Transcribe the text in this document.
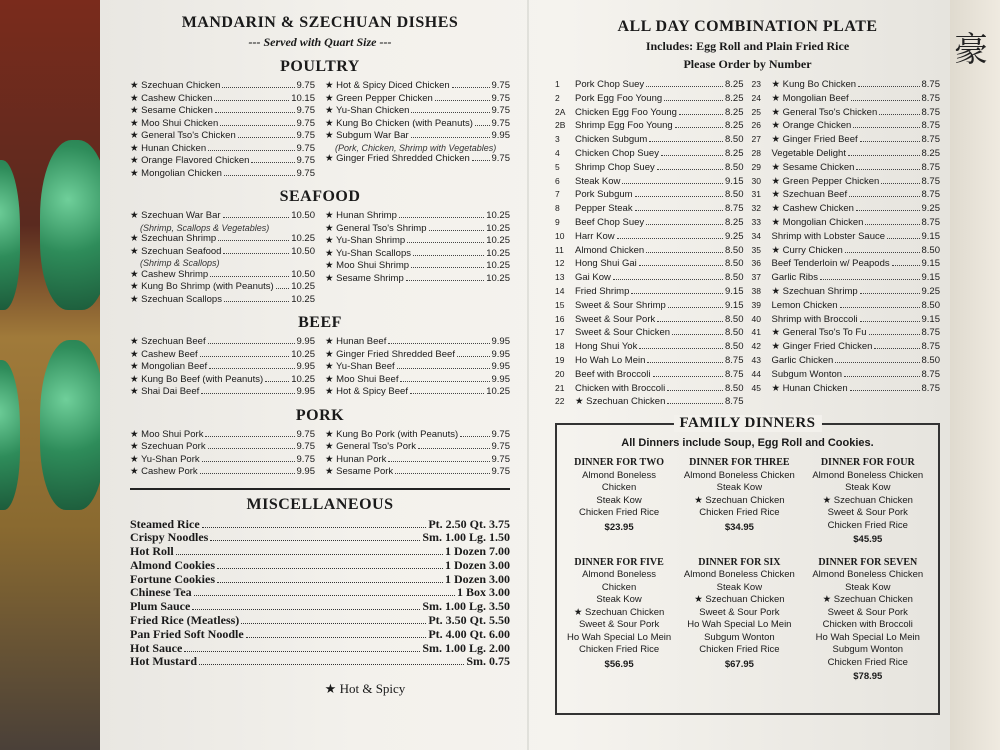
豪
MANDARIN & SZECHUAN DISHES
--- Served with Quart Size ---
POULTRY
★ Szechuan Chicken	9.75
★ Cashew Chicken	10.15
★ Sesame Chicken	9.75
★ Moo Shui Chicken	9.75
★ General Tso's Chicken	9.75
★ Hunan Chicken	9.75
★ Orange Flavored Chicken	9.75
★ Mongolian Chicken	9.75
★ Hot & Spicy Diced Chicken	9.75
★ Green Pepper Chicken	9.75
★ Yu-Shan Chicken	9.75
★ Kung Bo Chicken (with Peanuts) 9.75
★ Subgum War Bar	9.95
(Pork, Chicken, Shrimp with Vegetables)
★ Ginger Fried Shredded Chicken 9.75
SEAFOOD
★ Szechuan War Bar	10.50
(Shrimp, Scallops & Vegetables)
★ Szechuan Shrimp	10.25
★ Szechuan Seafood	10.50
(Shrimp & Scallops)
★ Cashew Shrimp	10.50
★ Kung Bo Shrimp (with Peanuts) 10.25
★ Szechuan Scallops	10.25
★ Hunan Shrimp	10.25
★ General Tso's Shrimp	10.25
★ Yu-Shan Shrimp	10.25
★ Yu-Shan Scallops	10.25
★ Moo Shui Shrimp	10.25
★ Sesame Shrimp	10.25
BEEF
★ Szechuan Beef	9.95
★ Cashew Beef	10.25
★ Mongolian Beef	9.95
★ Kung Bo Beef (with Peanuts)	10.25
★ Shai Dai Beef	9.95
★ Hunan Beef	9.95
★ Ginger Fried Shredded Beef	9.95
★ Yu-Shan Beef	9.95
★ Moo Shui Beef	9.95
★ Hot & Spicy Beef	10.25
PORK
★ Moo Shui Pork	9.75
★ Szechuan Pork	9.75
★ Yu-Shan Pork	9.75
★ Cashew Pork	9.95
★ Kung Bo Pork (with Peanuts)	9.75
★ General Tso's Pork	9.75
★ Hunan Pork	9.75
★ Sesame Pork	9.75
MISCELLANEOUS
Steamed Rice	Pt. 2.50 Qt. 3.75
Crispy Noodles	Sm. 1.00 Lg. 1.50
Hot Roll	1 Dozen 7.00
Almond Cookies	1 Dozen 3.00
Fortune Cookies	1 Dozen 3.00
Chinese Tea	1 Box 3.00
Plum Sauce	Sm. 1.00 Lg. 3.50
Fried Rice (Meatless)	Pt. 3.50 Qt. 5.50
Pan Fried Soft Noodle	Pt. 4.00 Qt. 6.00
Hot Sauce	Sm. 1.00 Lg. 2.00
Hot Mustard	Sm. 0.75
★ Hot & Spicy
ALL DAY COMBINATION PLATE
Includes: Egg Roll and Plain Fried Rice
Please Order by Number
1	Pork Chop Suey	8.25
2	Pork Egg Foo Young	8.25
2A	Chicken Egg Foo Young	8.25
2B	Shrimp Egg Foo Young	8.25
3	Chicken Subgum	8.50
4	Chicken Chop Suey	8.25
5	Shrimp Chop Suey	8.50
6	Steak Kow	9.15
7	Pork Subgum	8.50
8	Pepper Steak	8.75
9	Beef Chop Suey	8.25
10	Harr Kow	9.25
11	Almond Chicken	8.50
12	Hong Shui Gai	8.50
13	Gai Kow	8.50
14	Fried Shrimp	9.15
15	Sweet & Sour Shrimp	9.15
16	Sweet & Sour Pork	8.50
17	Sweet & Sour Chicken	8.50
18	Hong Shui Yok	8.50
19	Ho Wah Lo Mein	8.75
20	Beef with Broccoli	8.75
21	Chicken with Broccoli	8.50
22	★ Szechuan Chicken	8.75
23	★ Kung Bo Chicken	8.75
24	★ Mongolian Beef	8.75
25	★ General Tso's Chicken	8.75
26	★ Orange Chicken	8.75
27	★ Ginger Fried Beef	8.75
28	Vegetable Delight	8.25
29	★ Sesame Chicken	8.75
30	★ Green Pepper Chicken	8.75
31	★ Szechuan Beef	8.75
32	★ Cashew Chicken	9.25
33	★ Mongolian Chicken	8.75
34	Shrimp with Lobster Sauce	9.15
35	★ Curry Chicken	8.50
36	Beef Tenderloin w/ Peapods	9.15
37	Garlic Ribs	9.15
38	★ Szechuan Shrimp	9.25
39	Lemon Chicken	8.50
40	Shrimp with Broccoli	9.15
41	★ General Tso's To Fu	8.75
42	★ Ginger Fried Chicken	8.75
43	Garlic Chicken	8.50
44	Subgum Wonton	8.75
45	★ Hunan Chicken	8.75
FAMILY DINNERS
All Dinners include Soup, Egg Roll and Cookies.
DINNER FOR TWO
Almond Boneless Chicken
Steak Kow
Chicken Fried Rice
$23.95
DINNER FOR THREE
Almond Boneless Chicken
Steak Kow
★ Szechuan Chicken
Chicken Fried Rice
$34.95
DINNER FOR FOUR
Almond Boneless Chicken
Steak Kow
★ Szechuan Chicken
Sweet & Sour Pork
Chicken Fried Rice
$45.95
DINNER FOR FIVE
Almond Boneless Chicken
Steak Kow
★ Szechuan Chicken
Sweet & Sour Pork
Ho Wah Special Lo Mein
Chicken Fried Rice
$56.95
DINNER FOR SIX
Almond Boneless Chicken
Steak Kow
★ Szechuan Chicken
Sweet & Sour Pork
Ho Wah Special Lo Mein
Subgum Wonton
Chicken Fried Rice
$67.95
DINNER FOR SEVEN
Almond Boneless Chicken
Steak Kow
★ Szechuan Chicken
Sweet & Sour Pork
Chicken with Broccoli
Ho Wah Special Lo Mein
Subgum Wonton
Chicken Fried Rice
$78.95
